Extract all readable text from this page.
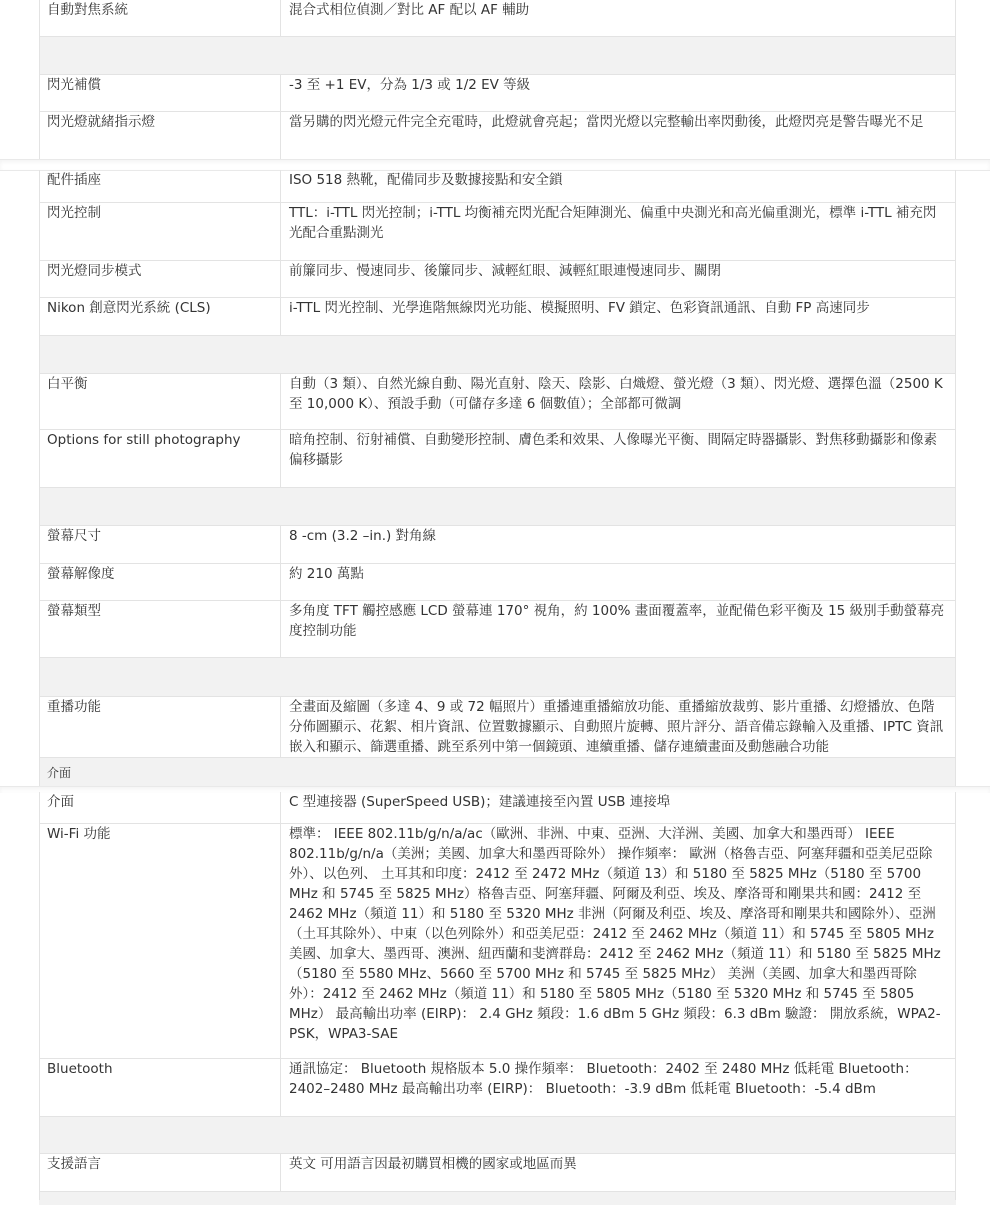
自動對焦系統	混合式相位偵測／對比 AF 配以 AF 輔助
閃光補償	-3 至 +1 EV，分為 1/3 或 1/2 EV 等級
閃光燈就緒指示燈	當另購的閃光燈元件完全充電時，此燈就會亮起；當閃光燈以完整輸出率閃動後，此燈閃亮是警告曝光不足
配件插座	ISO 518 熱靴，配備同步及數據接點和安全鎖
閃光控制	TTL：i-TTL 閃光控制；i-TTL 均衡補充閃光配合矩陣測光、偏重中央測光和高光偏重測光，標準 i-TTL 補充閃光配合重點測光
閃光燈同步模式	前簾同步、慢速同步、後簾同步、減輕紅眼、減輕紅眼連慢速同步、關閉
Nikon 創意閃光系統 (CLS)	i-TTL 閃光控制、光學進階無線閃光功能、模擬照明、FV 鎖定、色彩資訊通訊、自動 FP 高速同步
白平衡	自動（3 類）、自然光線自動、陽光直射、陰天、陰影、白熾燈、螢光燈（3 類）、閃光燈、選擇色溫（2500 K 至 10,000 K）、預設手動（可儲存多達 6 個數值）；全部都可微調
Options for still photography	暗角控制、衍射補償、自動變形控制、膚色柔和效果、人像曝光平衡、間隔定時器攝影、對焦移動攝影和像素偏移攝影
螢幕尺寸	8 -cm (3.2 –in.) 對角線
螢幕解像度	約 210 萬點
螢幕類型	多角度 TFT 觸控感應 LCD 螢幕連 170° 視角，約 100% 畫面覆蓋率，並配備色彩平衡及 15 級別手動螢幕亮度控制功能
重播功能	全畫面及縮圖（多達 4、9 或 72 幅照片）重播連重播縮放功能、重播縮放裁剪、影片重播、幻燈播放、色階分佈圖顯示、花絮、相片資訊、位置數據顯示、自動照片旋轉、照片評分、語音備忘錄輸入及重播、IPTC 資訊嵌入和顯示、篩選重播、跳至系列中第一個鏡頭、連續重播、儲存連續畫面及動態融合功能
介面
介面	C 型連接器 (SuperSpeed USB)；建議連接至內置 USB 連接埠
Wi-Fi 功能	標準： IEEE 802.11b/g/n/a/ac（歐洲、非洲、中東、亞洲、大洋洲、美國、加拿大和墨西哥） IEEE 802.11b/g/n/a（美洲；美國、加拿大和墨西哥除外） 操作頻率： 歐洲（格魯吉亞、阿塞拜疆和亞美尼亞除外）、以色列、 土耳其和印度：2412 至 2472 MHz（頻道 13）和 5180 至 5825 MHz（5180 至 5700 MHz 和 5745 至 5825 MHz）格魯吉亞、阿塞拜疆、阿爾及利亞、埃及、摩洛哥和剛果共和國：2412 至 2462 MHz（頻道 11）和 5180 至 5320 MHz 非洲（阿爾及利亞、埃及、摩洛哥和剛果共和國除外）、亞洲（土耳其除外）、中東（以色列除外）和亞美尼亞：2412 至 2462 MHz（頻道 11）和 5745 至 5805 MHz 美國、加拿大、墨西哥、澳洲、紐西蘭和斐濟群島：2412 至 2462 MHz（頻道 11）和 5180 至 5825 MHz（5180 至 5580 MHz、5660 至 5700 MHz 和 5745 至 5825 MHz） 美洲（美國、加拿大和墨西哥除外）：2412 至 2462 MHz（頻道 11）和 5180 至 5805 MHz（5180 至 5320 MHz 和 5745 至 5805 MHz） 最高輸出功率 (EIRP)： 2.4 GHz 頻段：1.6 dBm 5 GHz 頻段：6.3 dBm 驗證： 開放系統，WPA2-PSK，WPA3-SAE
Bluetooth	通訊協定： Bluetooth 規格版本 5.0 操作頻率： Bluetooth：2402 至 2480 MHz 低耗電 Bluetooth：2402–2480 MHz 最高輸出功率 (EIRP)： Bluetooth：-3.9 dBm 低耗電 Bluetooth：-5.4 dBm
支援語言	英文 可用語言因最初購買相機的國家或地區而異
